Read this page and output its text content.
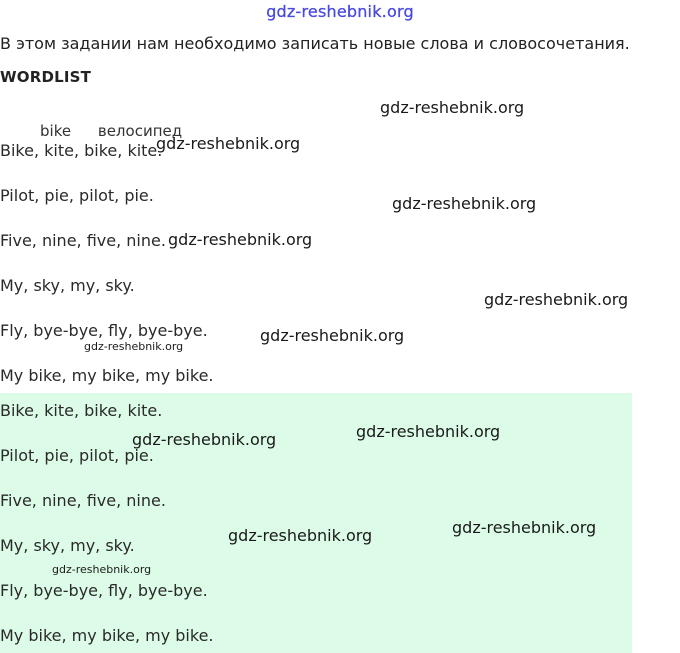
gdz-reshebnik.org

В этом задании нам необходимо записать новые слова и словосочетания.

WORDLIST
bike велосипед

Bike, kite, bike, kite.

Pilot, pie, pilot, pie.

Five, nine, five, nine.

My, sky, my, sky.

Fly, bye-bye, fly, bye-bye.

My bike, my bike, my bike.

Bike, kite, bike, kite.

Pilot, pie, pilot, pie.

Five, nine, five, nine.

My, sky, my, sky.

Fly, bye-bye, fly, bye-bye.

My bike, my bike, my bike.

gdz-reshebnik.org
gdz-reshebnik.org
gdz-reshebnik.org
gdz-reshebnik.org
gdz-reshebnik.org
gdz-reshebnik.org
gdz-reshebnik.org
gdz-reshebnik.org
gdz-reshebnik.org
gdz-reshebnik.org
gdz-reshebnik.org
gdz-reshebnik.org
